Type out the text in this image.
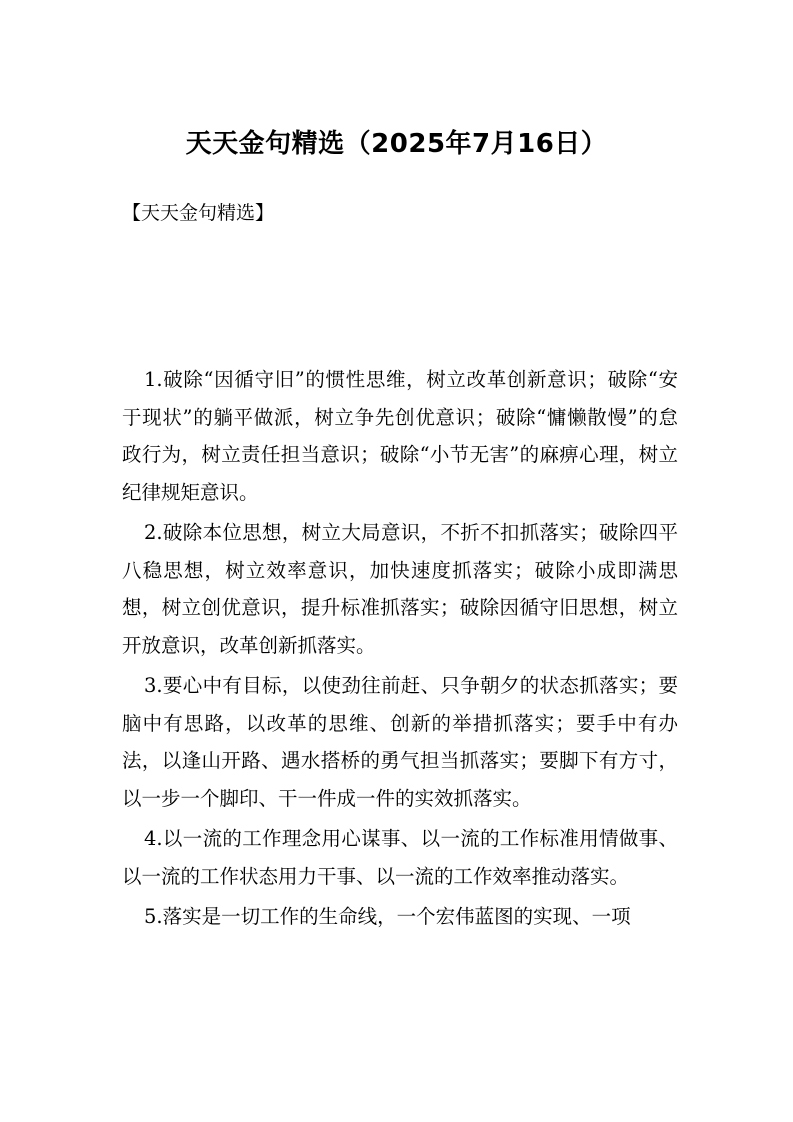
天天金句精选（2025年7月16日）
【天天金句精选】

1.破除“因循守旧”的惯性思维，树立改革创新意识；破除“安于现状”的躺平做派，树立争先创优意识；破除“慵懒散慢”的怠政行为，树立责任担当意识；破除“小节无害”的麻痹心理，树立纪律规矩意识。

2.破除本位思想，树立大局意识，不折不扣抓落实；破除四平八稳思想，树立效率意识，加快速度抓落实；破除小成即满思想，树立创优意识，提升标准抓落实；破除因循守旧思想，树立开放意识，改革创新抓落实。

3.要心中有目标，以使劲往前赶、只争朝夕的状态抓落实；要脑中有思路，以改革的思维、创新的举措抓落实；要手中有办法，以逢山开路、遇水搭桥的勇气担当抓落实；要脚下有方寸，以一步一个脚印、干一件成一件的实效抓落实。

4.以一流的工作理念用心谋事、以一流的工作标准用情做事、以一流的工作状态用力干事、以一流的工作效率推动落实。

5.落实是一切工作的生命线，一个宏伟蓝图的实现、一项
